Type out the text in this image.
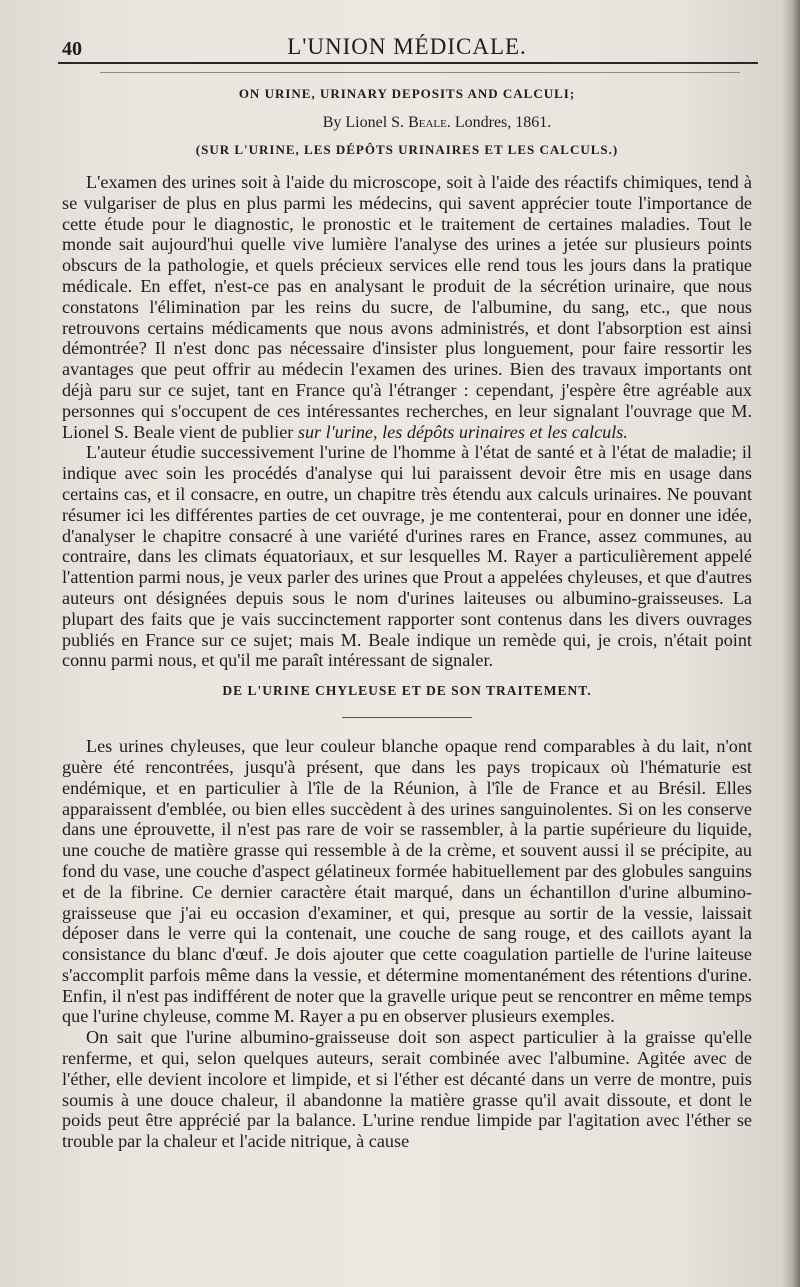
40	L'UNION MÉDICALE.
ON URINE, URINARY DEPOSITS AND CALCULI;
By Lionel S. Beale. Londres, 1861.
(SUR L'URINE, LES DÉPÔTS URINAIRES ET LES CALCULS.)

L'examen des urines soit à l'aide du microscope, soit à l'aide des réactifs chimiques, tend à se vulgariser de plus en plus parmi les médecins, qui savent apprécier toute l'importance de cette étude pour le diagnostic, le pronostic et le traitement de certaines maladies. Tout le monde sait aujourd'hui quelle vive lumière l'analyse des urines a jetée sur plusieurs points obscurs de la pathologie, et quels précieux services elle rend tous les jours dans la pratique médicale. En effet, n'est-ce pas en analysant le produit de la sécrétion urinaire, que nous constatons l'élimination par les reins du sucre, de l'albumine, du sang, etc., que nous retrouvons certains médicaments que nous avons administrés, et dont l'absorption est ainsi démontrée? Il n'est donc pas nécessaire d'insister plus longuement, pour faire ressortir les avantages que peut offrir au médecin l'examen des urines. Bien des travaux importants ont déjà paru sur ce sujet, tant en France qu'à l'étranger : cependant, j'espère être agréable aux personnes qui s'occupent de ces intéressantes recherches, en leur signalant l'ouvrage que M. Lionel S. Beale vient de publier sur l'urine, les dépôts urinaires et les calculs.

L'auteur étudie successivement l'urine de l'homme à l'état de santé et à l'état de maladie; il indique avec soin les procédés d'analyse qui lui paraissent devoir être mis en usage dans certains cas, et il consacre, en outre, un chapitre très étendu aux calculs urinaires. Ne pouvant résumer ici les différentes parties de cet ouvrage, je me contenterai, pour en donner une idée, d'analyser le chapitre consacré à une variété d'urines rares en France, assez communes, au contraire, dans les climats équatoriaux, et sur lesquelles M. Rayer a particulièrement appelé l'attention parmi nous, je veux parler des urines que Prout a appelées chyleuses, et que d'autres auteurs ont désignées depuis sous le nom d'urines laiteuses ou albumino-graisseuses. La plupart des faits que je vais succinctement rapporter sont contenus dans les divers ouvrages publiés en France sur ce sujet; mais M. Beale indique un remède qui, je crois, n'était point connu parmi nous, et qu'il me paraît intéressant de signaler.

DE L'URINE CHYLEUSE ET DE SON TRAITEMENT.

Les urines chyleuses, que leur couleur blanche opaque rend comparables à du lait, n'ont guère été rencontrées, jusqu'à présent, que dans les pays tropicaux où l'hématurie est endémique, et en particulier à l'île de la Réunion, à l'île de France et au Brésil. Elles apparaissent d'emblée, ou bien elles succèdent à des urines sanguinolentes. Si on les conserve dans une éprouvette, il n'est pas rare de voir se rassembler, à la partie supérieure du liquide, une couche de matière grasse qui ressemble à de la crème, et souvent aussi il se précipite, au fond du vase, une couche d'aspect gélatineux formée habituellement par des globules sanguins et de la fibrine. Ce dernier caractère était marqué, dans un échantillon d'urine albumino-graisseuse que j'ai eu occasion d'examiner, et qui, presque au sortir de la vessie, laissait déposer dans le verre qui la contenait, une couche de sang rouge, et des caillots ayant la consistance du blanc d'œuf. Je dois ajouter que cette coagulation partielle de l'urine laiteuse s'accomplit parfois même dans la vessie, et détermine momentanément des rétentions d'urine. Enfin, il n'est pas indifférent de noter que la gravelle urique peut se rencontrer en même temps que l'urine chyleuse, comme M. Rayer a pu en observer plusieurs exemples.

On sait que l'urine albumino-graisseuse doit son aspect particulier à la graisse qu'elle renferme, et qui, selon quelques auteurs, serait combinée avec l'albumine. Agitée avec de l'éther, elle devient incolore et limpide, et si l'éther est décanté dans un verre de montre, puis soumis à une douce chaleur, il abandonne la matière grasse qu'il avait dissoute, et dont le poids peut être apprécié par la balance. L'urine rendue limpide par l'agitation avec l'éther se trouble par la chaleur et l'acide nitrique, à cause
